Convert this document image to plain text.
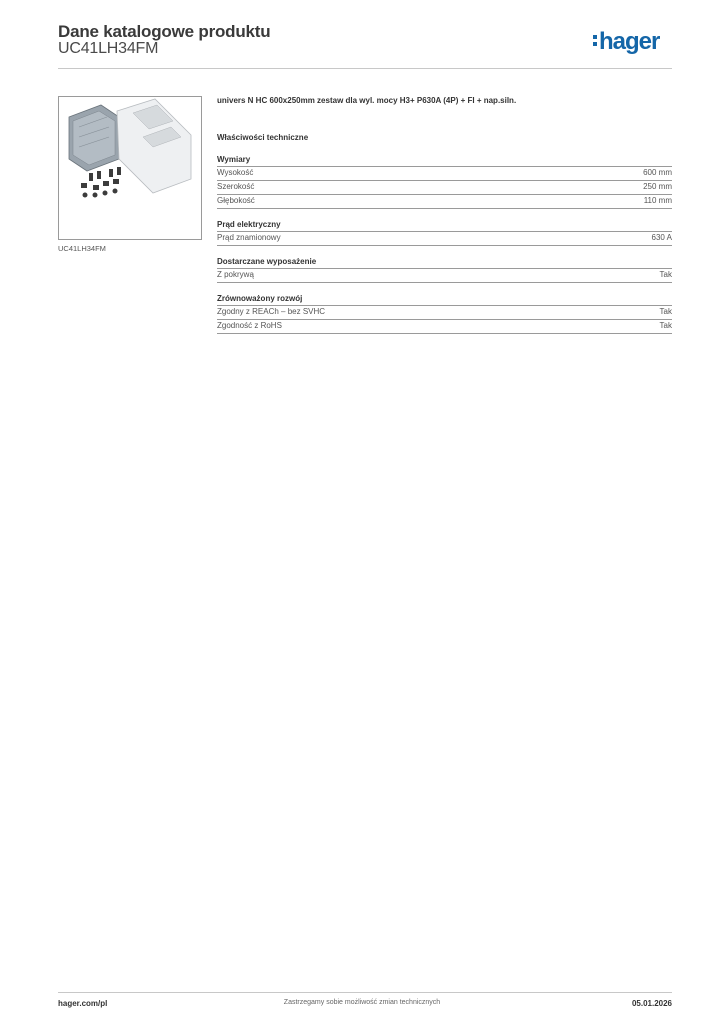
Dane katalogowe produktu
UC41LH34FM	hager
UC41LH34FM
univers N HC 600x250mm zestaw dla wyl. mocy H3+ P630A (4P) + FI + nap.siln.
Właściwości techniczne
Wymiary
Wysokość	600 mm
Szerokość	250 mm
Głębokość	110 mm
Prąd elektryczny
Prąd znamionowy	630 A
Dostarczane wyposażenie
Z pokrywą	Tak
Zrównoważony rozwój
Zgodny z REACh – bez SVHC	Tak
Zgodność z RoHS	Tak
hager.com/pl	Zastrzegamy sobie możliwość zmian technicznych	05.01.2026
